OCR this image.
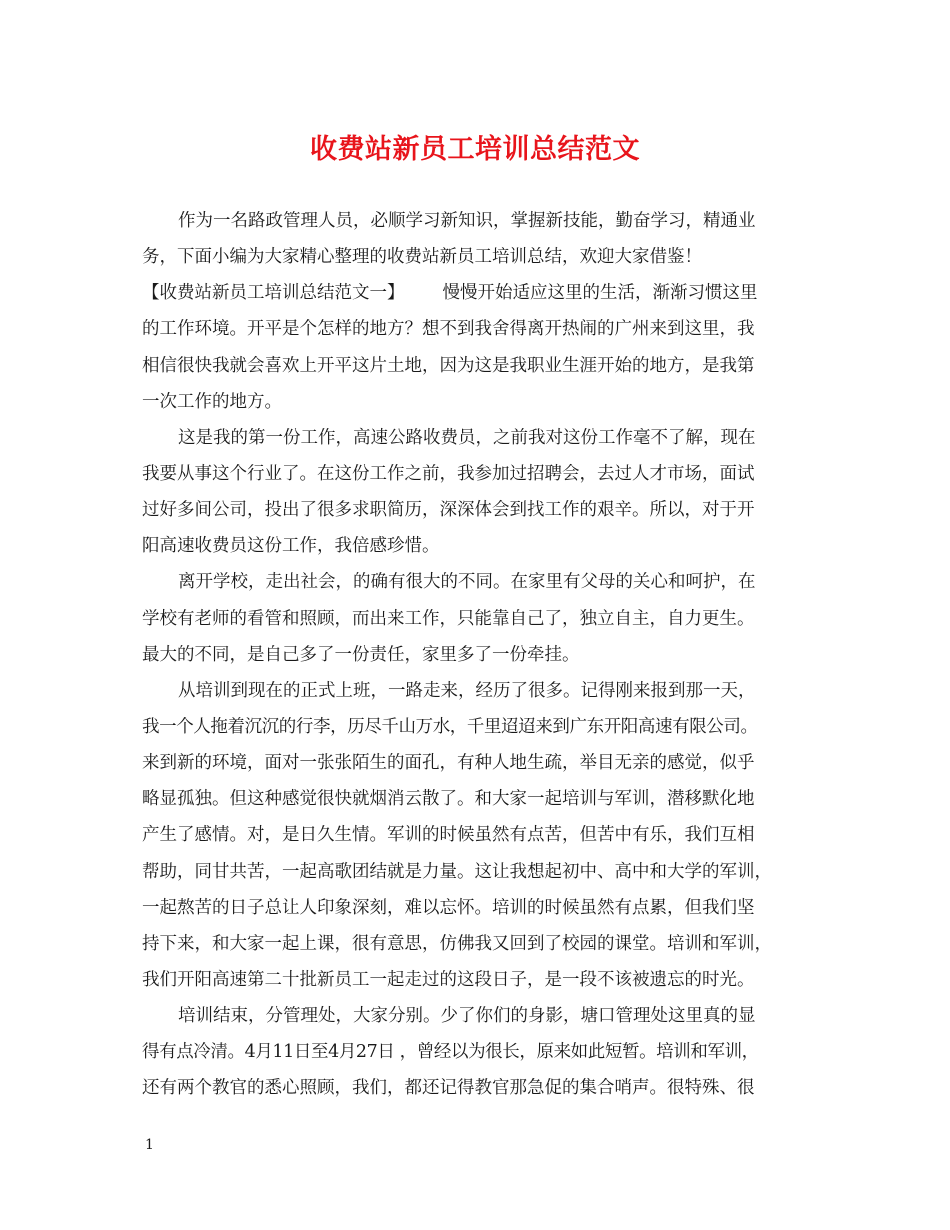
收费站新员工培训总结范文
作为一名路政管理人员，必顺学习新知识，掌握新技能，勤奋学习，精通业
务，下面小编为大家精心整理的收费站新员工培训总结，欢迎大家借鉴！
【收费站新员工培训总结范文一】 慢慢开始适应这里的生活，渐渐习惯这里
的工作环境。开平是个怎样的地方？想不到我舍得离开热闹的广州来到这里，我
相信很快我就会喜欢上开平这片土地，因为这是我职业生涯开始的地方，是我第
一次工作的地方。
这是我的第一份工作，高速公路收费员，之前我对这份工作毫不了解，现在
我要从事这个行业了。在这份工作之前，我参加过招聘会，去过人才市场，面试
过好多间公司，投出了很多求职简历，深深体会到找工作的艰辛。所以，对于开
阳高速收费员这份工作，我倍感珍惜。
离开学校，走出社会，的确有很大的不同。在家里有父母的关心和呵护，在
学校有老师的看管和照顾，而出来工作，只能靠自己了，独立自主，自力更生。
最大的不同，是自己多了一份责任，家里多了一份牵挂。
从培训到现在的正式上班，一路走来，经历了很多。记得刚来报到那一天，
我一个人拖着沉沉的行李，历尽千山万水，千里迢迢来到广东开阳高速有限公司。
来到新的环境，面对一张张陌生的面孔，有种人地生疏，举目无亲的感觉，似乎
略显孤独。但这种感觉很快就烟消云散了。和大家一起培训与军训，潜移默化地
产生了感情。对，是日久生情。军训的时候虽然有点苦，但苦中有乐，我们互相
帮助，同甘共苦，一起高歌团结就是力量。这让我想起初中、高中和大学的军训，
一起熬苦的日子总让人印象深刻，难以忘怀。培训的时候虽然有点累，但我们坚
持下来，和大家一起上课，很有意思，仿佛我又回到了校园的课堂。培训和军训，
我们开阳高速第二十批新员工一起走过的这段日子，是一段不该被遗忘的时光。
培训结束，分管理处，大家分别。少了你们的身影，塘口管理处这里真的显
得有点冷清。4月11日至4月27日 ，曾经以为很长，原来如此短暂。培训和军训，
还有两个教官的悉心照顾，我们，都还记得教官那急促的集合哨声。很特殊、很
1
